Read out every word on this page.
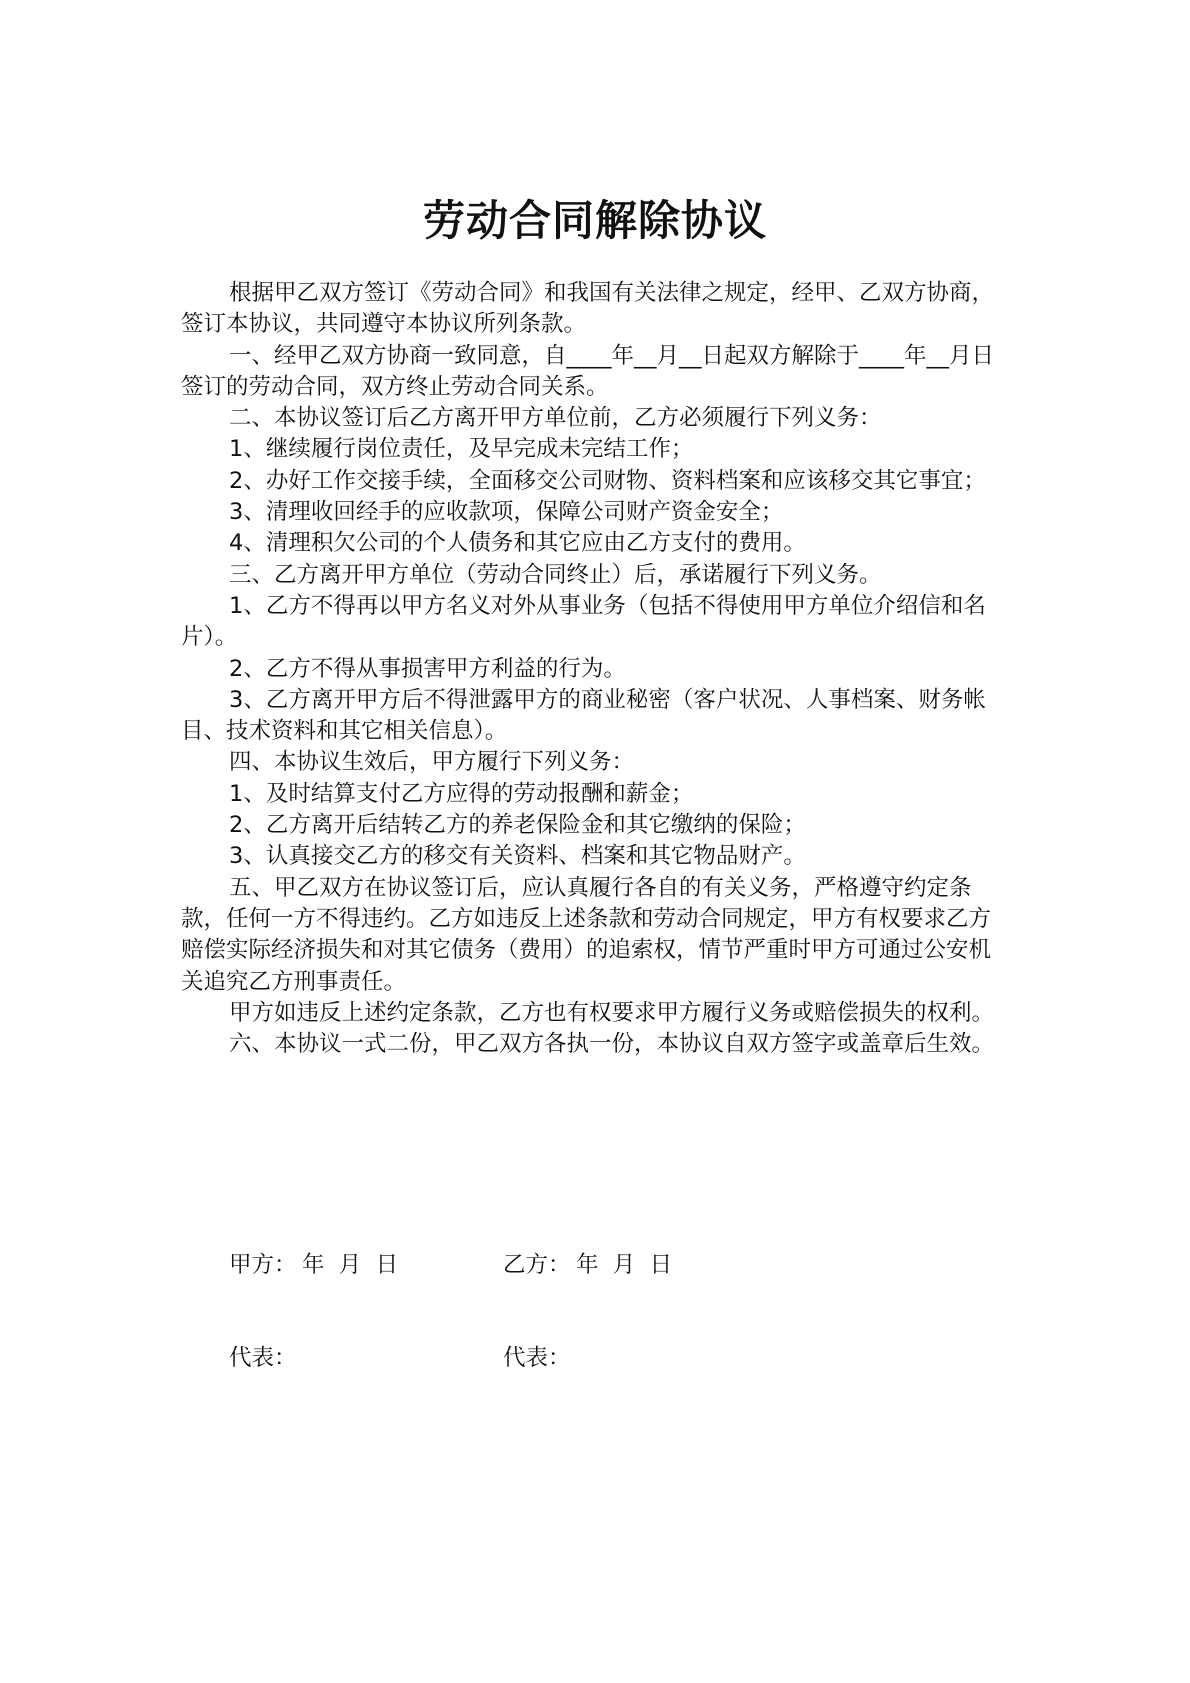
劳动合同解除协议

根据甲乙双方签订《劳动合同》和我国有关法律之规定，经甲、乙双方协商，签订本协议，共同遵守本协议所列条款。

一、经甲乙双方协商一致同意，自____年__月__日起双方解除于____年__月日签订的劳动合同，双方终止劳动合同关系。

二、本协议签订后乙方离开甲方单位前，乙方必须履行下列义务：

1、继续履行岗位责任，及早完成未完结工作；

2、办好工作交接手续，全面移交公司财物、资料档案和应该移交其它事宜；

3、清理收回经手的应收款项，保障公司财产资金安全；

4、清理积欠公司的个人债务和其它应由乙方支付的费用。

三、乙方离开甲方单位（劳动合同终止）后，承诺履行下列义务。

1、乙方不得再以甲方名义对外从事业务（包括不得使用甲方单位介绍信和名片）。

2、乙方不得从事损害甲方利益的行为。

3、乙方离开甲方后不得泄露甲方的商业秘密（客户状况、人事档案、财务帐目、技术资料和其它相关信息）。

四、本协议生效后，甲方履行下列义务：

1、及时结算支付乙方应得的劳动报酬和薪金；

2、乙方离开后结转乙方的养老保险金和其它缴纳的保险；

3、认真接交乙方的移交有关资料、档案和其它物品财产。

五、甲乙双方在协议签订后，应认真履行各自的有关义务，严格遵守约定条款，任何一方不得违约。乙方如违反上述条款和劳动合同规定，甲方有权要求乙方赔偿实际经济损失和对其它债务（费用）的追索权，情节严重时甲方可通过公安机关追究乙方刑事责任。

甲方如违反上述约定条款，乙方也有权要求甲方履行义务或赔偿损失的权利。

六、本协议一式二份，甲乙双方各执一份，本协议自双方签字或盖章后生效。

甲方：

代表：

年  月  日

	乙方：

代表：

年  月  日
